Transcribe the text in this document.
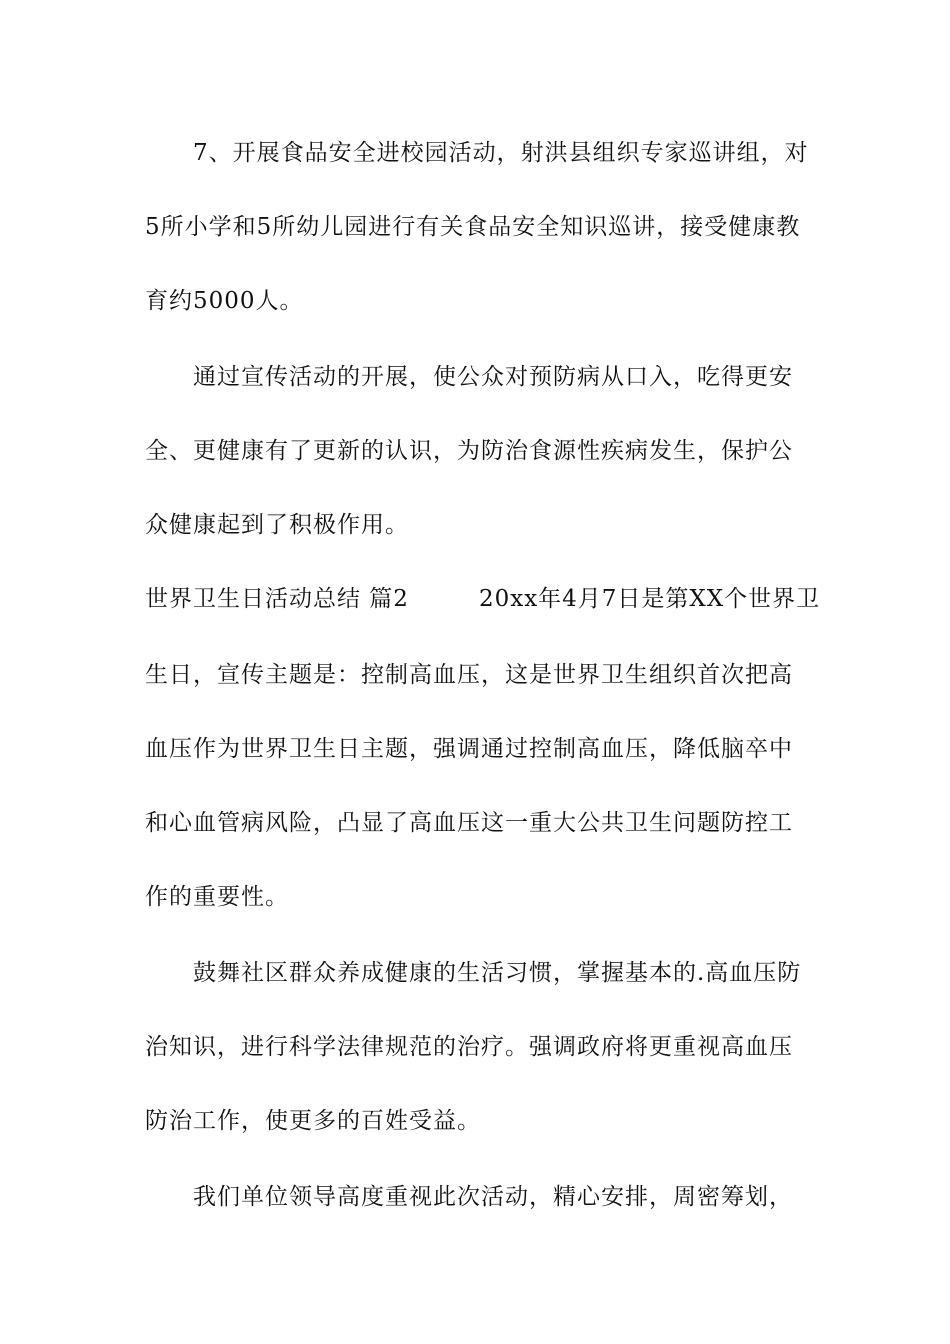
7、开展食品安全进校园活动，射洪县组织专家巡讲组，对
5所小学和5所幼儿园进行有关食品安全知识巡讲，接受健康教
育约5000人。
通过宣传活动的开展，使公众对预防病从口入，吃得更安
全、更健康有了更新的认识，为防治食源性疾病发生，保护公
众健康起到了积极作用。
世界卫生日活动总结 篇2	20xx年4月7日是第XX个世界卫
生日，宣传主题是：控制高血压，这是世界卫生组织首次把高
血压作为世界卫生日主题，强调通过控制高血压，降低脑卒中
和心血管病风险，凸显了高血压这一重大公共卫生问题防控工
作的重要性。
鼓舞社区群众养成健康的生活习惯，掌握基本的.高血压防
治知识，进行科学法律规范的治疗。强调政府将更重视高血压
防治工作，使更多的百姓受益。
我们单位领导高度重视此次活动，精心安排，周密筹划，
